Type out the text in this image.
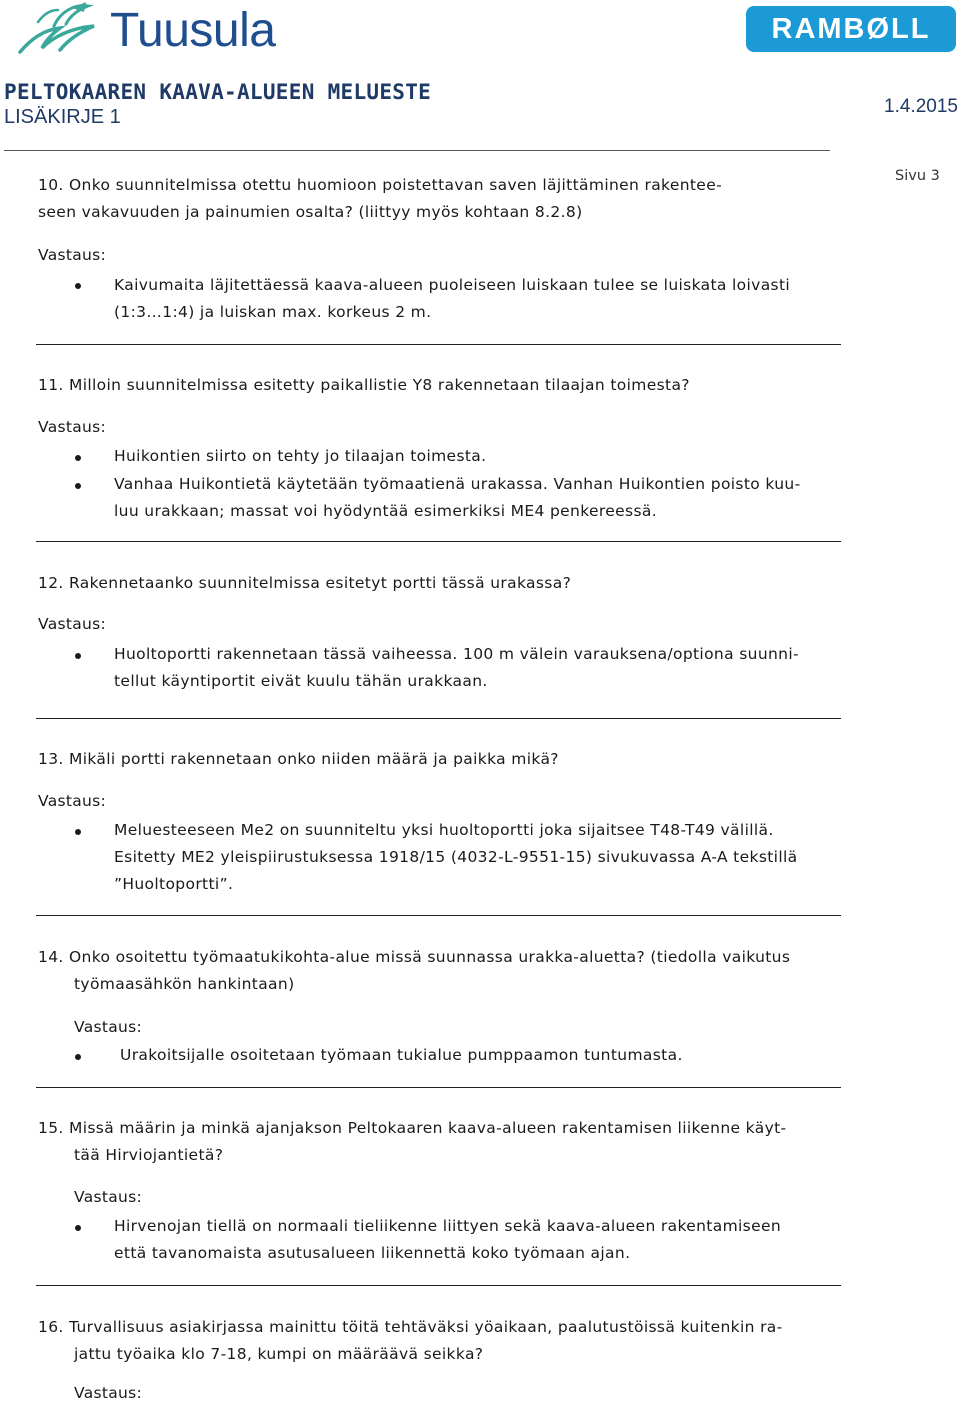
Tuusula	RAMBØLL
PELTOKAAREN KAAVA-ALUEEN MELUESTE
LISÄKIRJE 1	1.4.2015
Sivu 3
10. Onko suunnitelmissa otettu huomioon poistettavan saven läjittäminen rakentee-
seen vakavuuden ja painumien osalta? (liittyy myös kohtaan 8.2.8)
Vastaus:
Kaivumaita läjitettäessä kaava-alueen puoleiseen luiskaan tulee se luiskata loivasti
(1:3…1:4) ja luiskan max. korkeus 2 m.
11. Milloin suunnitelmissa esitetty paikallistie Y8 rakennetaan tilaajan toimesta?
Vastaus:
Huikontien siirto on tehty jo tilaajan toimesta.
Vanhaa Huikontietä käytetään työmaatienä urakassa. Vanhan Huikontien poisto kuu-
luu urakkaan; massat voi hyödyntää esimerkiksi ME4 penkereessä.
12. Rakennetaanko suunnitelmissa esitetyt portti tässä urakassa?
Vastaus:
Huoltoportti rakennetaan tässä vaiheessa. 100 m välein varauksena/optiona suunni-
tellut käyntiportit eivät kuulu tähän urakkaan.
13. Mikäli portti rakennetaan onko niiden määrä ja paikka mikä?
Vastaus:
Meluesteeseen Me2 on suunniteltu yksi huoltoportti joka sijaitsee T48-T49 välillä.
Esitetty ME2 yleispiirustuksessa 1918/15 (4032-L-9551-15) sivukuvassa A-A tekstillä
”Huoltoportti”.
14. Onko osoitettu työmaatukikohta-alue missä suunnassa urakka-aluetta? (tiedolla vaikutus
työmaasähkön hankintaan)
Vastaus:
Urakoitsijalle osoitetaan työmaan tukialue pumppaamon tuntumasta.
15. Missä määrin ja minkä ajanjakson Peltokaaren kaava-alueen rakentamisen liikenne käyt-
tää Hirviojantietä?
Vastaus:
Hirvenojan tiellä on normaali tieliikenne liittyen sekä kaava-alueen rakentamiseen
että tavanomaista asutusalueen liikennettä koko työmaan ajan.
16. Turvallisuus asiakirjassa mainittu töitä tehtäväksi yöaikaan, paalutustöissä kuitenkin ra-
jattu työaika klo 7-18, kumpi on määräävä seikka?
Vastaus:
